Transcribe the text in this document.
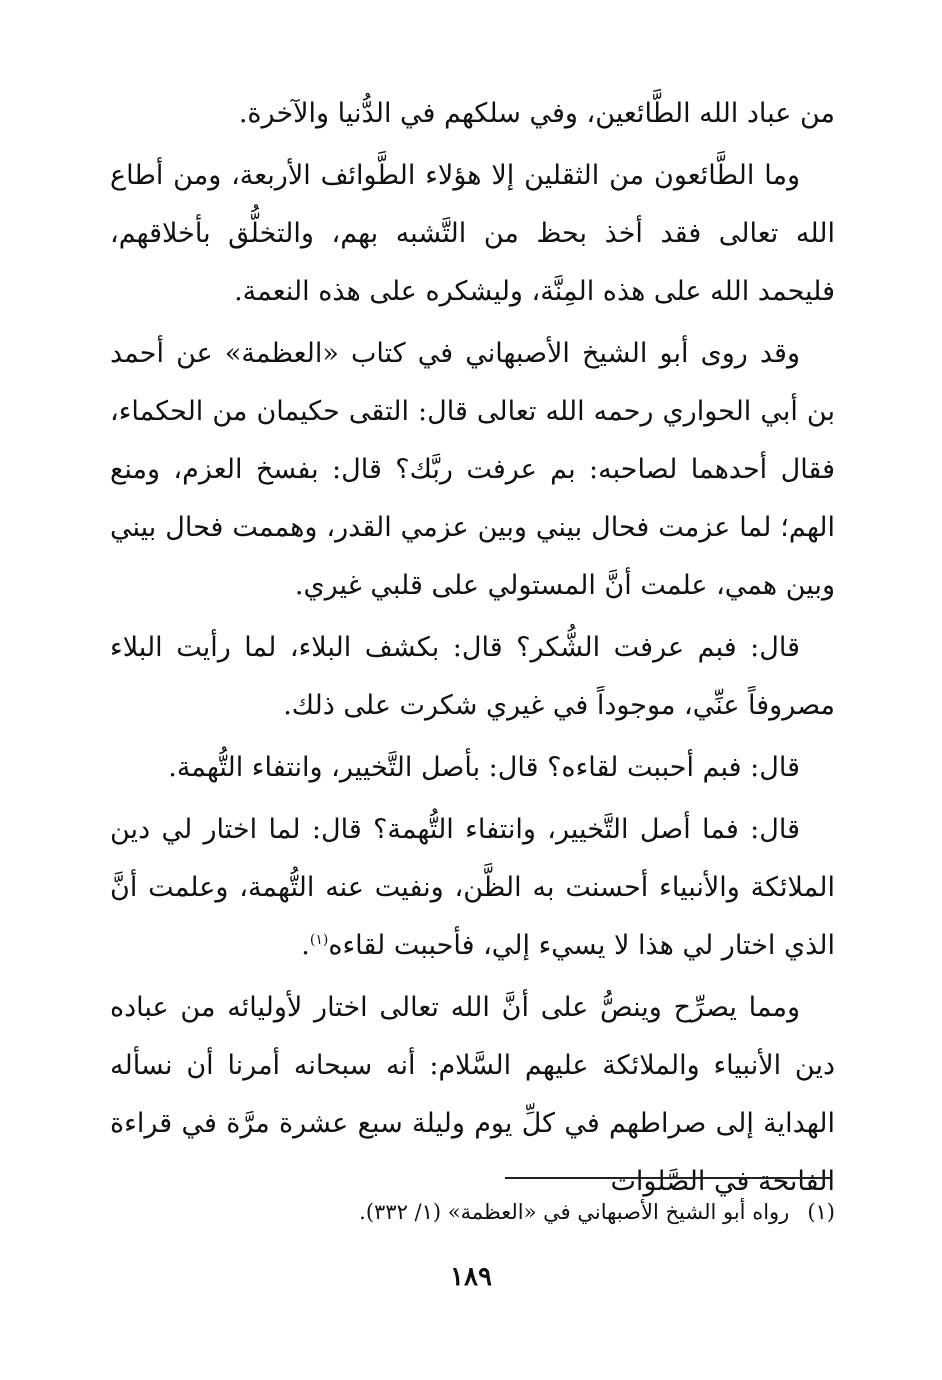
من عباد الله الطَّائعين، وفي سلكهم في الدُّنيا والآخرة.

وما الطَّائعون من الثقلين إلا هؤلاء الطَّوائف الأربعة، ومن أطاع الله تعالى فقد أخذ بحظ من التَّشبه بهم، والتخلُّق بأخلاقهم، فليحمد الله على هذه المِنَّة، وليشكره على هذه النعمة.

وقد روى أبو الشيخ الأصبهاني في كتاب «العظمة» عن أحمد بن أبي الحواري رحمه الله تعالى قال: التقى حكيمان من الحكماء، فقال أحدهما لصاحبه: بم عرفت ربَّك؟ قال: بفسخ العزم، ومنع الهم؛ لما عزمت فحال بيني وبين عزمي القدر، وهممت فحال بيني وبين همي، علمت أنَّ المستولي على قلبي غيري.

قال: فبم عرفت الشُّكر؟ قال: بكشف البلاء، لما رأيت البلاء مصروفاً عنِّي، موجوداً في غيري شكرت على ذلك.

قال: فبم أحببت لقاءه؟ قال: بأصل التَّخيير، وانتفاء التُّهمة.

قال: فما أصل التَّخيير، وانتفاء التُّهمة؟ قال: لما اختار لي دين الملائكة والأنبياء أحسنت به الظَّن، ونفيت عنه التُّهمة، وعلمت أنَّ الذي اختار لي هذا لا يسيء إلي، فأحببت لقاءه$^{(١)}$.

ومما يصرِّح وينصُّ على أنَّ الله تعالى اختار لأوليائه من عباده دين الأنبياء والملائكة عليهم السَّلام: أنه سبحانه أمرنا أن نسأله الهداية إلى صراطهم في كلِّ يوم وليلة سبع عشرة مرَّة في قراءة الفاتحة في الصَّلوات

(١)رواه أبو الشيخ الأصبهاني في «العظمة» (١/ ٣٣٢).
١٨٩
